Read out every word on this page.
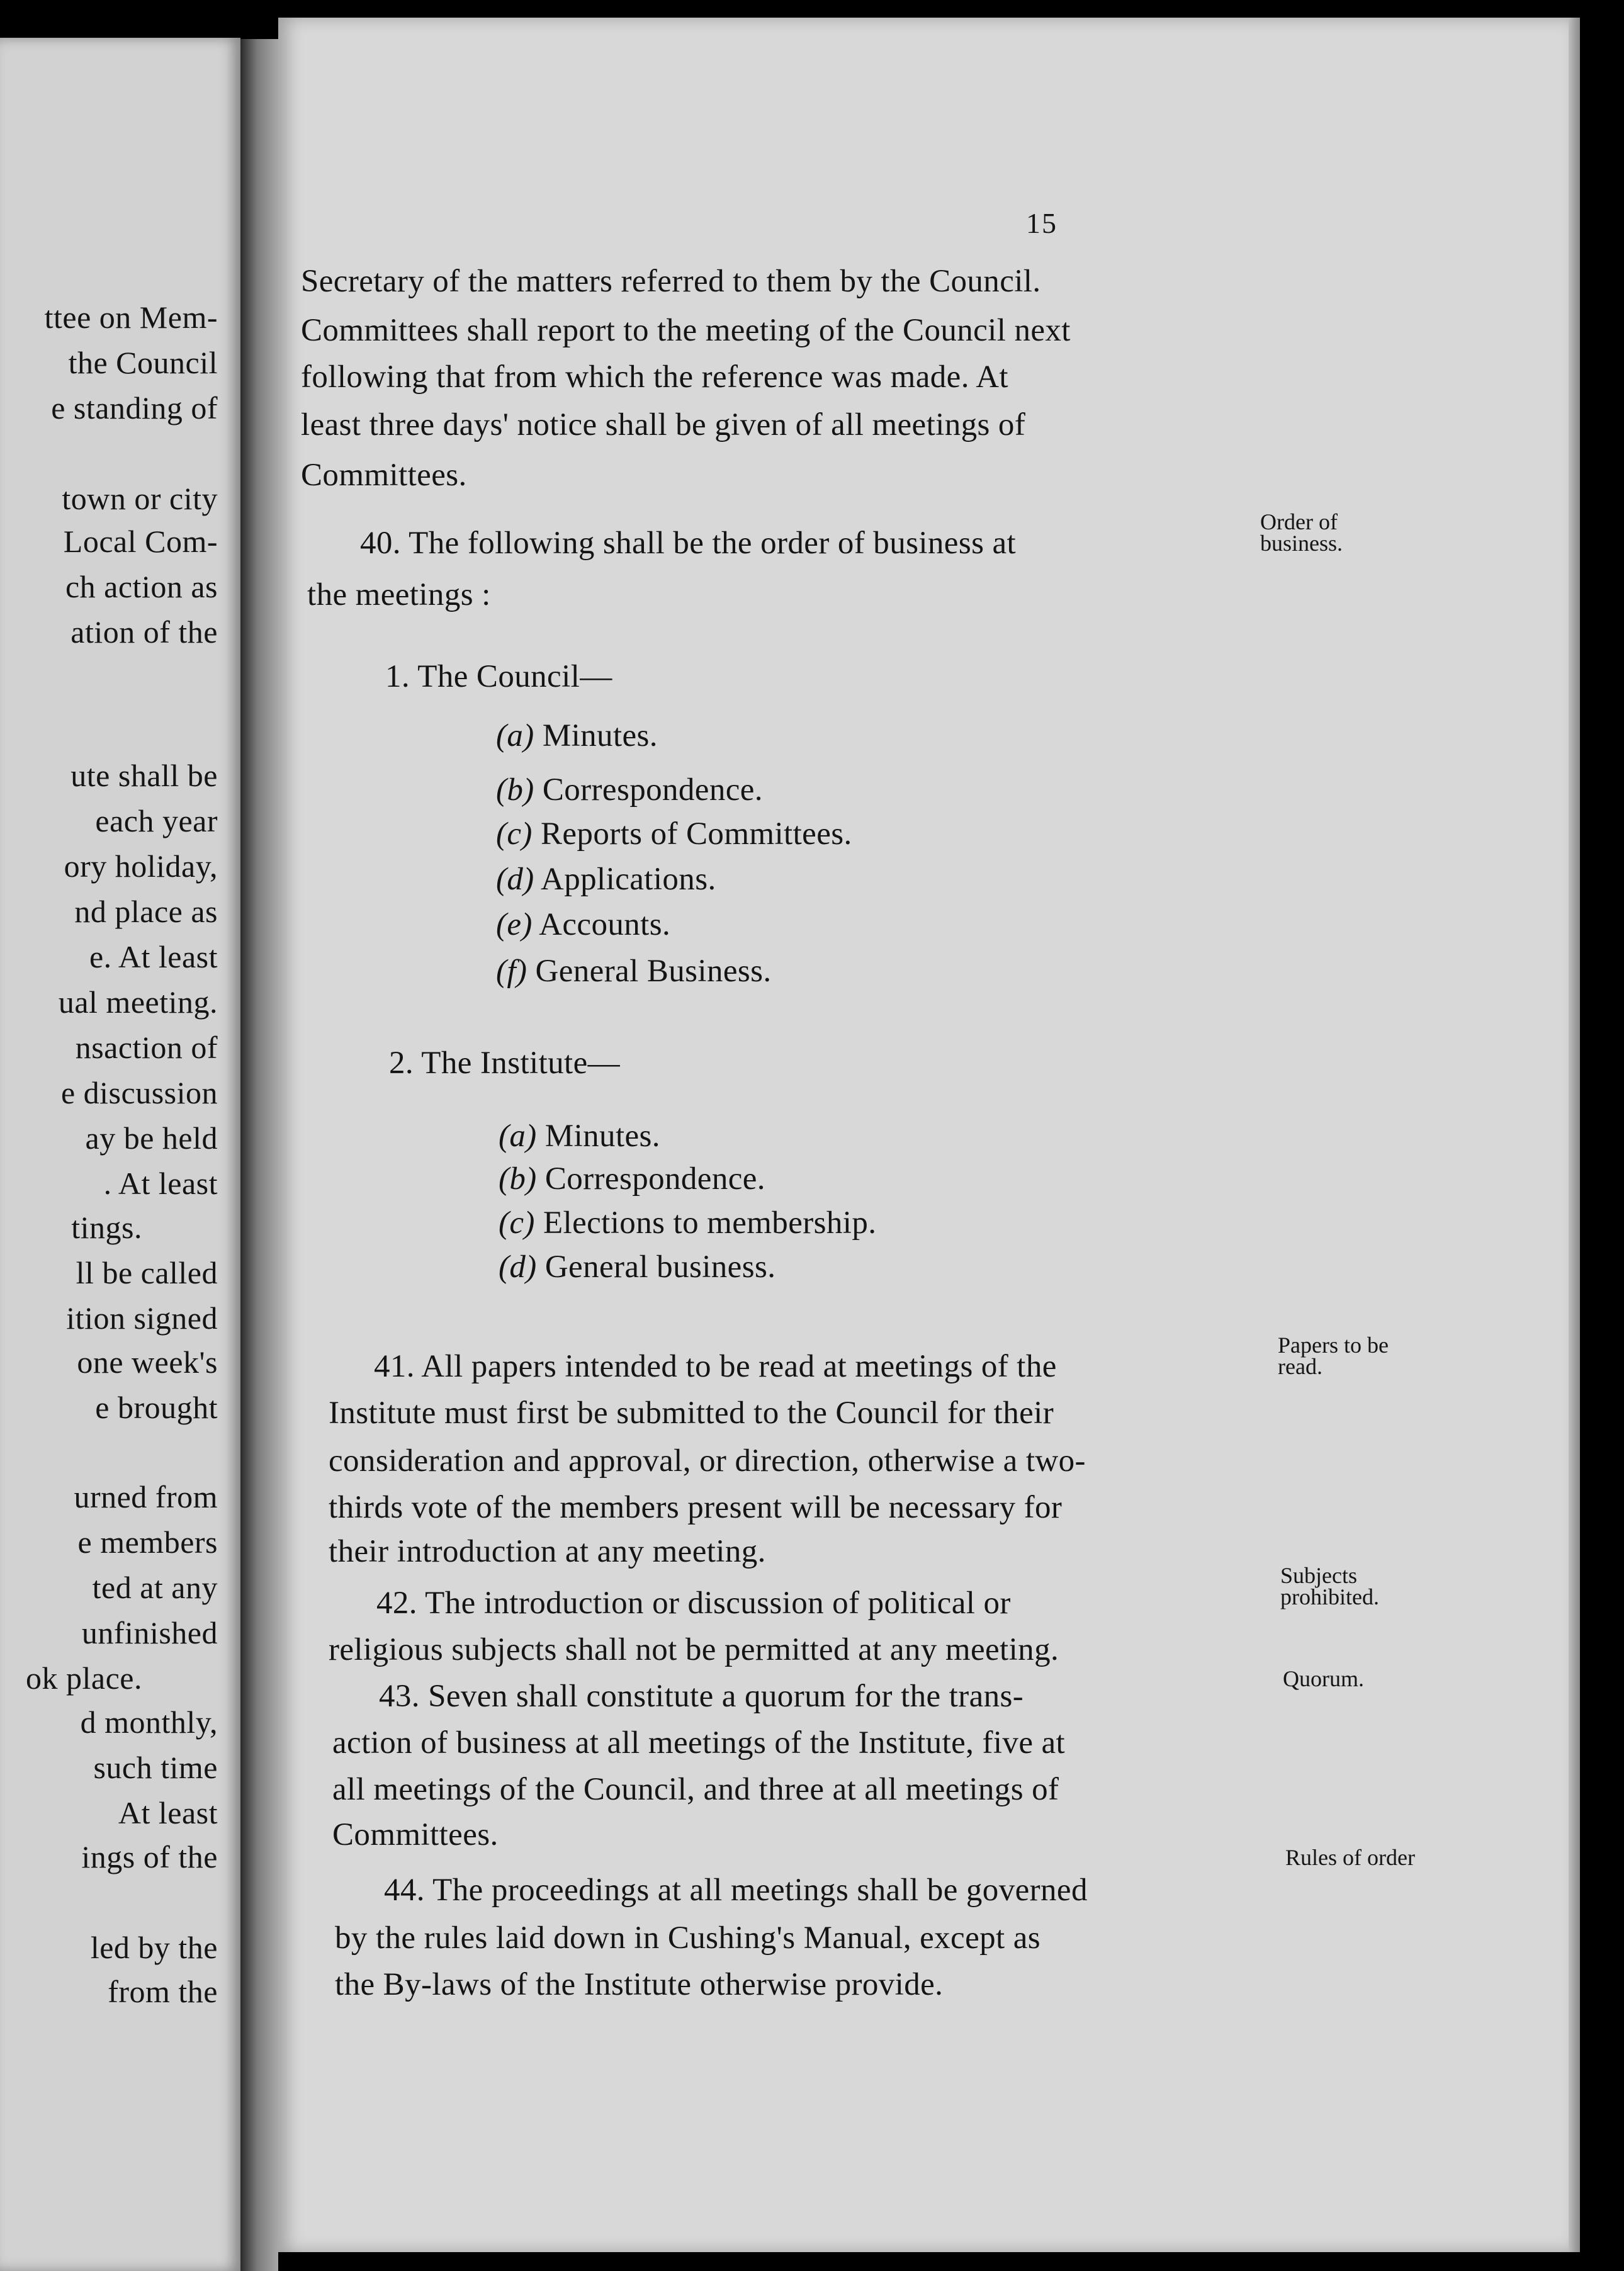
ttee on Mem-
the Council
e standing of
town or city
Local Com-
ch action as
ation of the
ute shall be
each year
ory holiday,
nd place as
e. At least
ual meeting.
nsaction of
e discussion
ay be held
. At least
tings.
ll be called
ition signed
one week's
e brought
urned from
e members
ted at any
unfinished
ok place.
d monthly,
such time
At least
ings of the
led by the
from the
15
Secretary of the matters referred to them by the Council.
Committees shall report to the meeting of the Council next
following that from which the reference was made. At
least three days' notice shall be given of all meetings of
Committees.
40. The following shall be the order of business at
the meetings :
Order of
business.
1. The Council—
(a) Minutes.
(b) Correspondence.
(c) Reports of Committees.
(d) Applications.
(e) Accounts.
(f) General Business.
2. The Institute—
(a) Minutes.
(b) Correspondence.
(c) Elections to membership.
(d) General business.
41. All papers intended to be read at meetings of the
Institute must first be submitted to the Council for their
consideration and approval, or direction, otherwise a two-
thirds vote of the members present will be necessary for
their introduction at any meeting.
Papers to be
read.
42. The introduction or discussion of political or
religious subjects shall not be permitted at any meeting.
Subjects
prohibited.
43. Seven shall constitute a quorum for the trans-
action of business at all meetings of the Institute, five at
all meetings of the Council, and three at all meetings of
Committees.
Quorum.
44. The proceedings at all meetings shall be governed
by the rules laid down in Cushing's Manual, except as
the By-laws of the Institute otherwise provide.
Rules of order
